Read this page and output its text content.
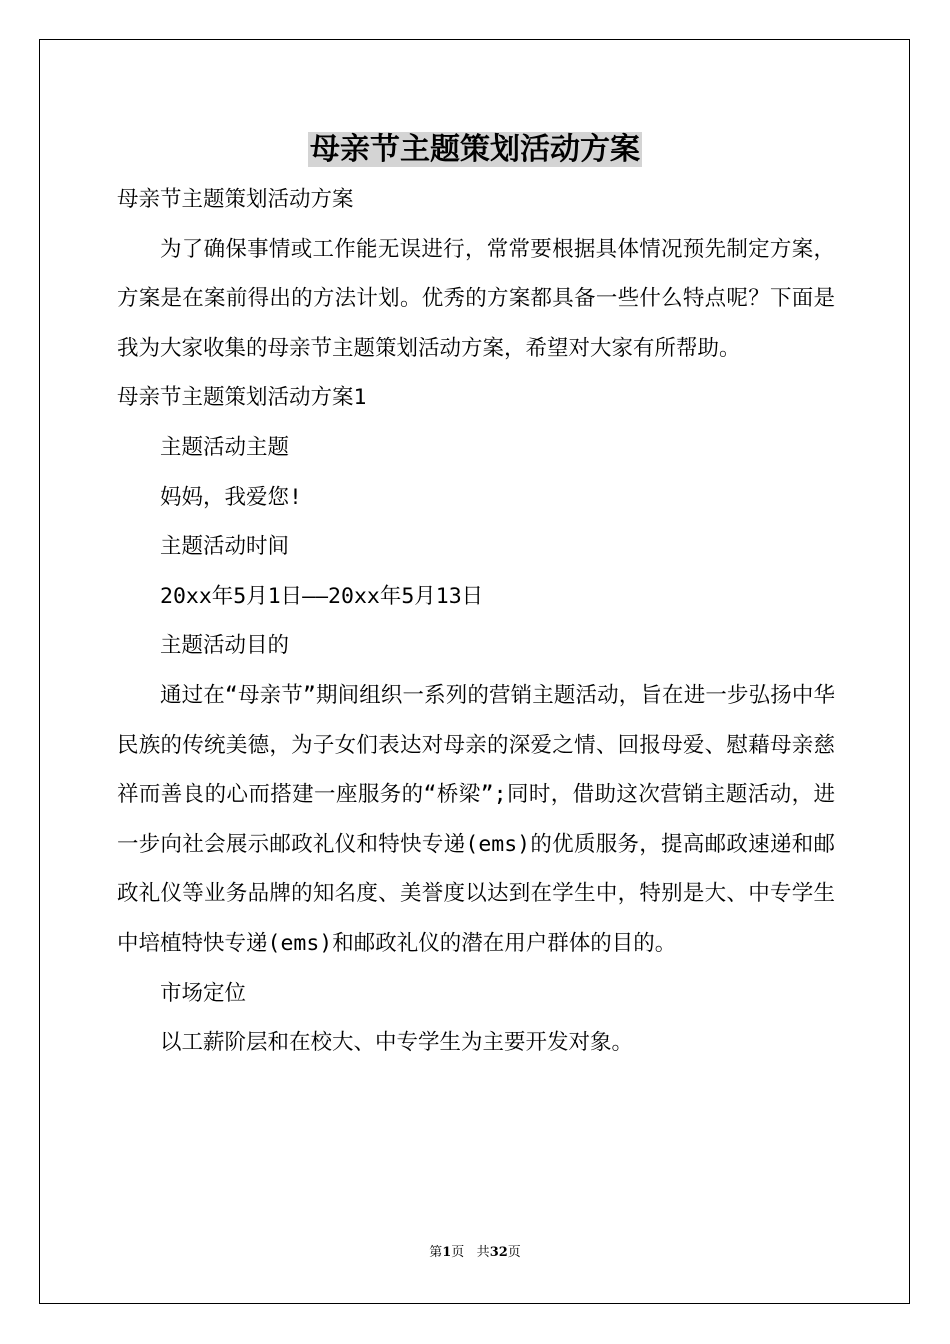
母亲节主题策划活动方案

母亲节主题策划活动方案

为了确保事情或工作能无误进行，常常要根据具体情况预先制定方案，方案是在案前得出的方法计划。优秀的方案都具备一些什么特点呢？下面是我为大家收集的母亲节主题策划活动方案，希望对大家有所帮助。

母亲节主题策划活动方案1

主题活动主题

妈妈，我爱您!

主题活动时间

20xx年5月1日——20xx年5月13日

主题活动目的

通过在“母亲节”期间组织一系列的营销主题活动，旨在进一步弘扬中华民族的传统美德，为子女们表达对母亲的深爱之情、回报母爱、慰藉母亲慈祥而善良的心而搭建一座服务的“桥梁”;同时，借助这次营销主题活动，进一步向社会展示邮政礼仪和特快专递(ems)的优质服务，提高邮政速递和邮政礼仪等业务品牌的知名度、美誉度以达到在学生中，特别是大、中专学生中培植特快专递(ems)和邮政礼仪的潜在用户群体的目的。

市场定位

以工薪阶层和在校大、中专学生为主要开发对象。

第1页 共32页
